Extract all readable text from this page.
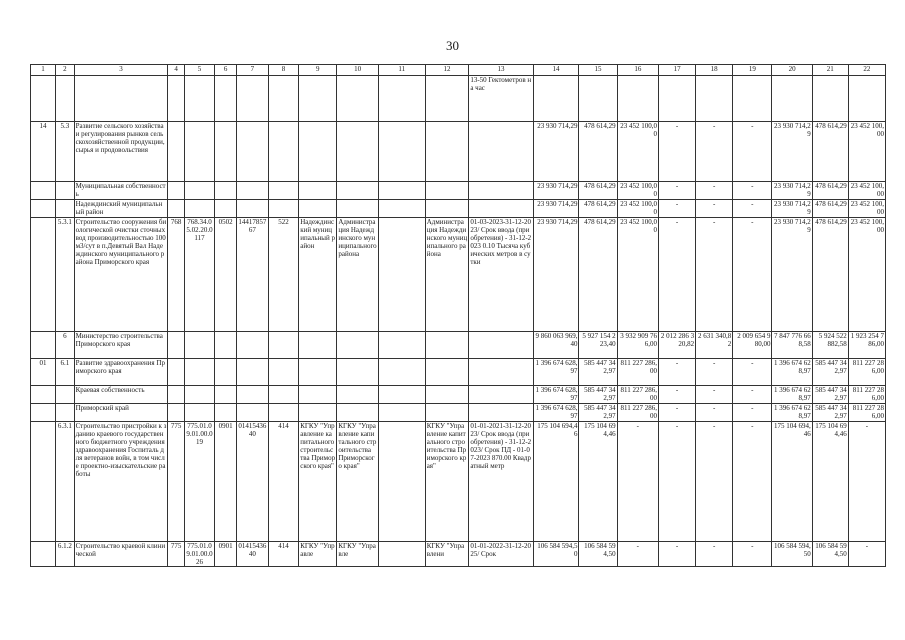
30
1	2	3	4	5	6	7	8	9	10	11	12	13	14	15	16	17	18	19	20	21	22
												13-50 Гектометров на час									
14	5.3	Развитие сельского хозяйства и регулирования рынков сельскохозяйственной продукции, сырья и продовольствия											23 930 714,29	478 614,29	23 452 100,00	-	-	-	23 930 714,29	478 614,29	23 452 100,00
		Муниципальная собственность											23 930 714,29	478 614,29	23 452 100,00	-	-	-	23 930 714,29	478 614,29	23 452 100,00
		Надеждинский муниципальный район											23 930 714,29	478 614,29	23 452 100,00	-	-	-	23 930 714,29	478 614,29	23 452 100,00
	5.3.1	Строительство сооружения биологической очистки сточных вод производительностью 100 м3/сут в п.Девятый Вал Надеждинского муниципального района Приморского края	768	768.34.05.02.20.0117	0502	1441785767	522	Надеждинский муниципальный район	Администрация Надеждинского муниципального района		Администрация Надеждинского муниципального района	01-03-2023-31-12-2023/ Срок ввода (приобретения) - 31-12-2023 0.10 Тысяча кубических метров в сутки	23 930 714,29	478 614,29	23 452 100,00	-	-	-	23 930 714,29	478 614,29	23 452 100,00
	6	Министерство строительства Приморского края											9 860 063 969,40	5 927 154 223,40	3 932 909 766,00	2 012 286 320,82	2 631 340,82	2 009 654 980,00	7 847 776 668,58	5 924 522 882,58	1 923 254 786,00
01	6.1	Развитие здравоохранения Приморского края											1 396 674 628,97	585 447 342,97	811 227 286,00	-	-	-	1 396 674 628,97	585 447 342,97	811 227 286,00
		Краевая собственность											1 396 674 628,97	585 447 342,97	811 227 286,00	-	-	-	1 396 674 628,97	585 447 342,97	811 227 286,00
		Приморский край											1 396 674 628,97	585 447 342,97	811 227 286,00	-	-	-	1 396 674 628,97	585 447 342,97	811 227 286,00
	6.3.1	Строительство пристройки к зданию краевого государственного бюджетного учреждения здравоохранения Госпиталь для ветеранов войн, в том числе проектно-изыскательские работы	775	775.01.09.01.00.019	0901	0141543640	414	КГКУ "Управление капитального строительства Приморского края"	КГКУ "Управление капитального строительства Приморского края"		КГКУ "Управление капитального строительства Приморского края"	01-01-2021-31-12-2023/ Срок ввода (приобретения) - 31-12-2023/ Срок ПД - 01-07-2023 870.00 Квадратный метр	175 104 694,46	175 104 694,46	-	-	-	-	175 104 694,46	175 104 694,46	-
	6.1.2	Строительство краевой клинической	775	775.01.09.01.00.026	0901	0141543640	414	КГКУ "Управле	КГКУ "Управле		КГКУ "Управлени	01-01-2022-31-12-2025/ Срок	106 584 594,50	106 584 594,50	-	-	-	-	106 584 594,50	106 584 594,50	-
